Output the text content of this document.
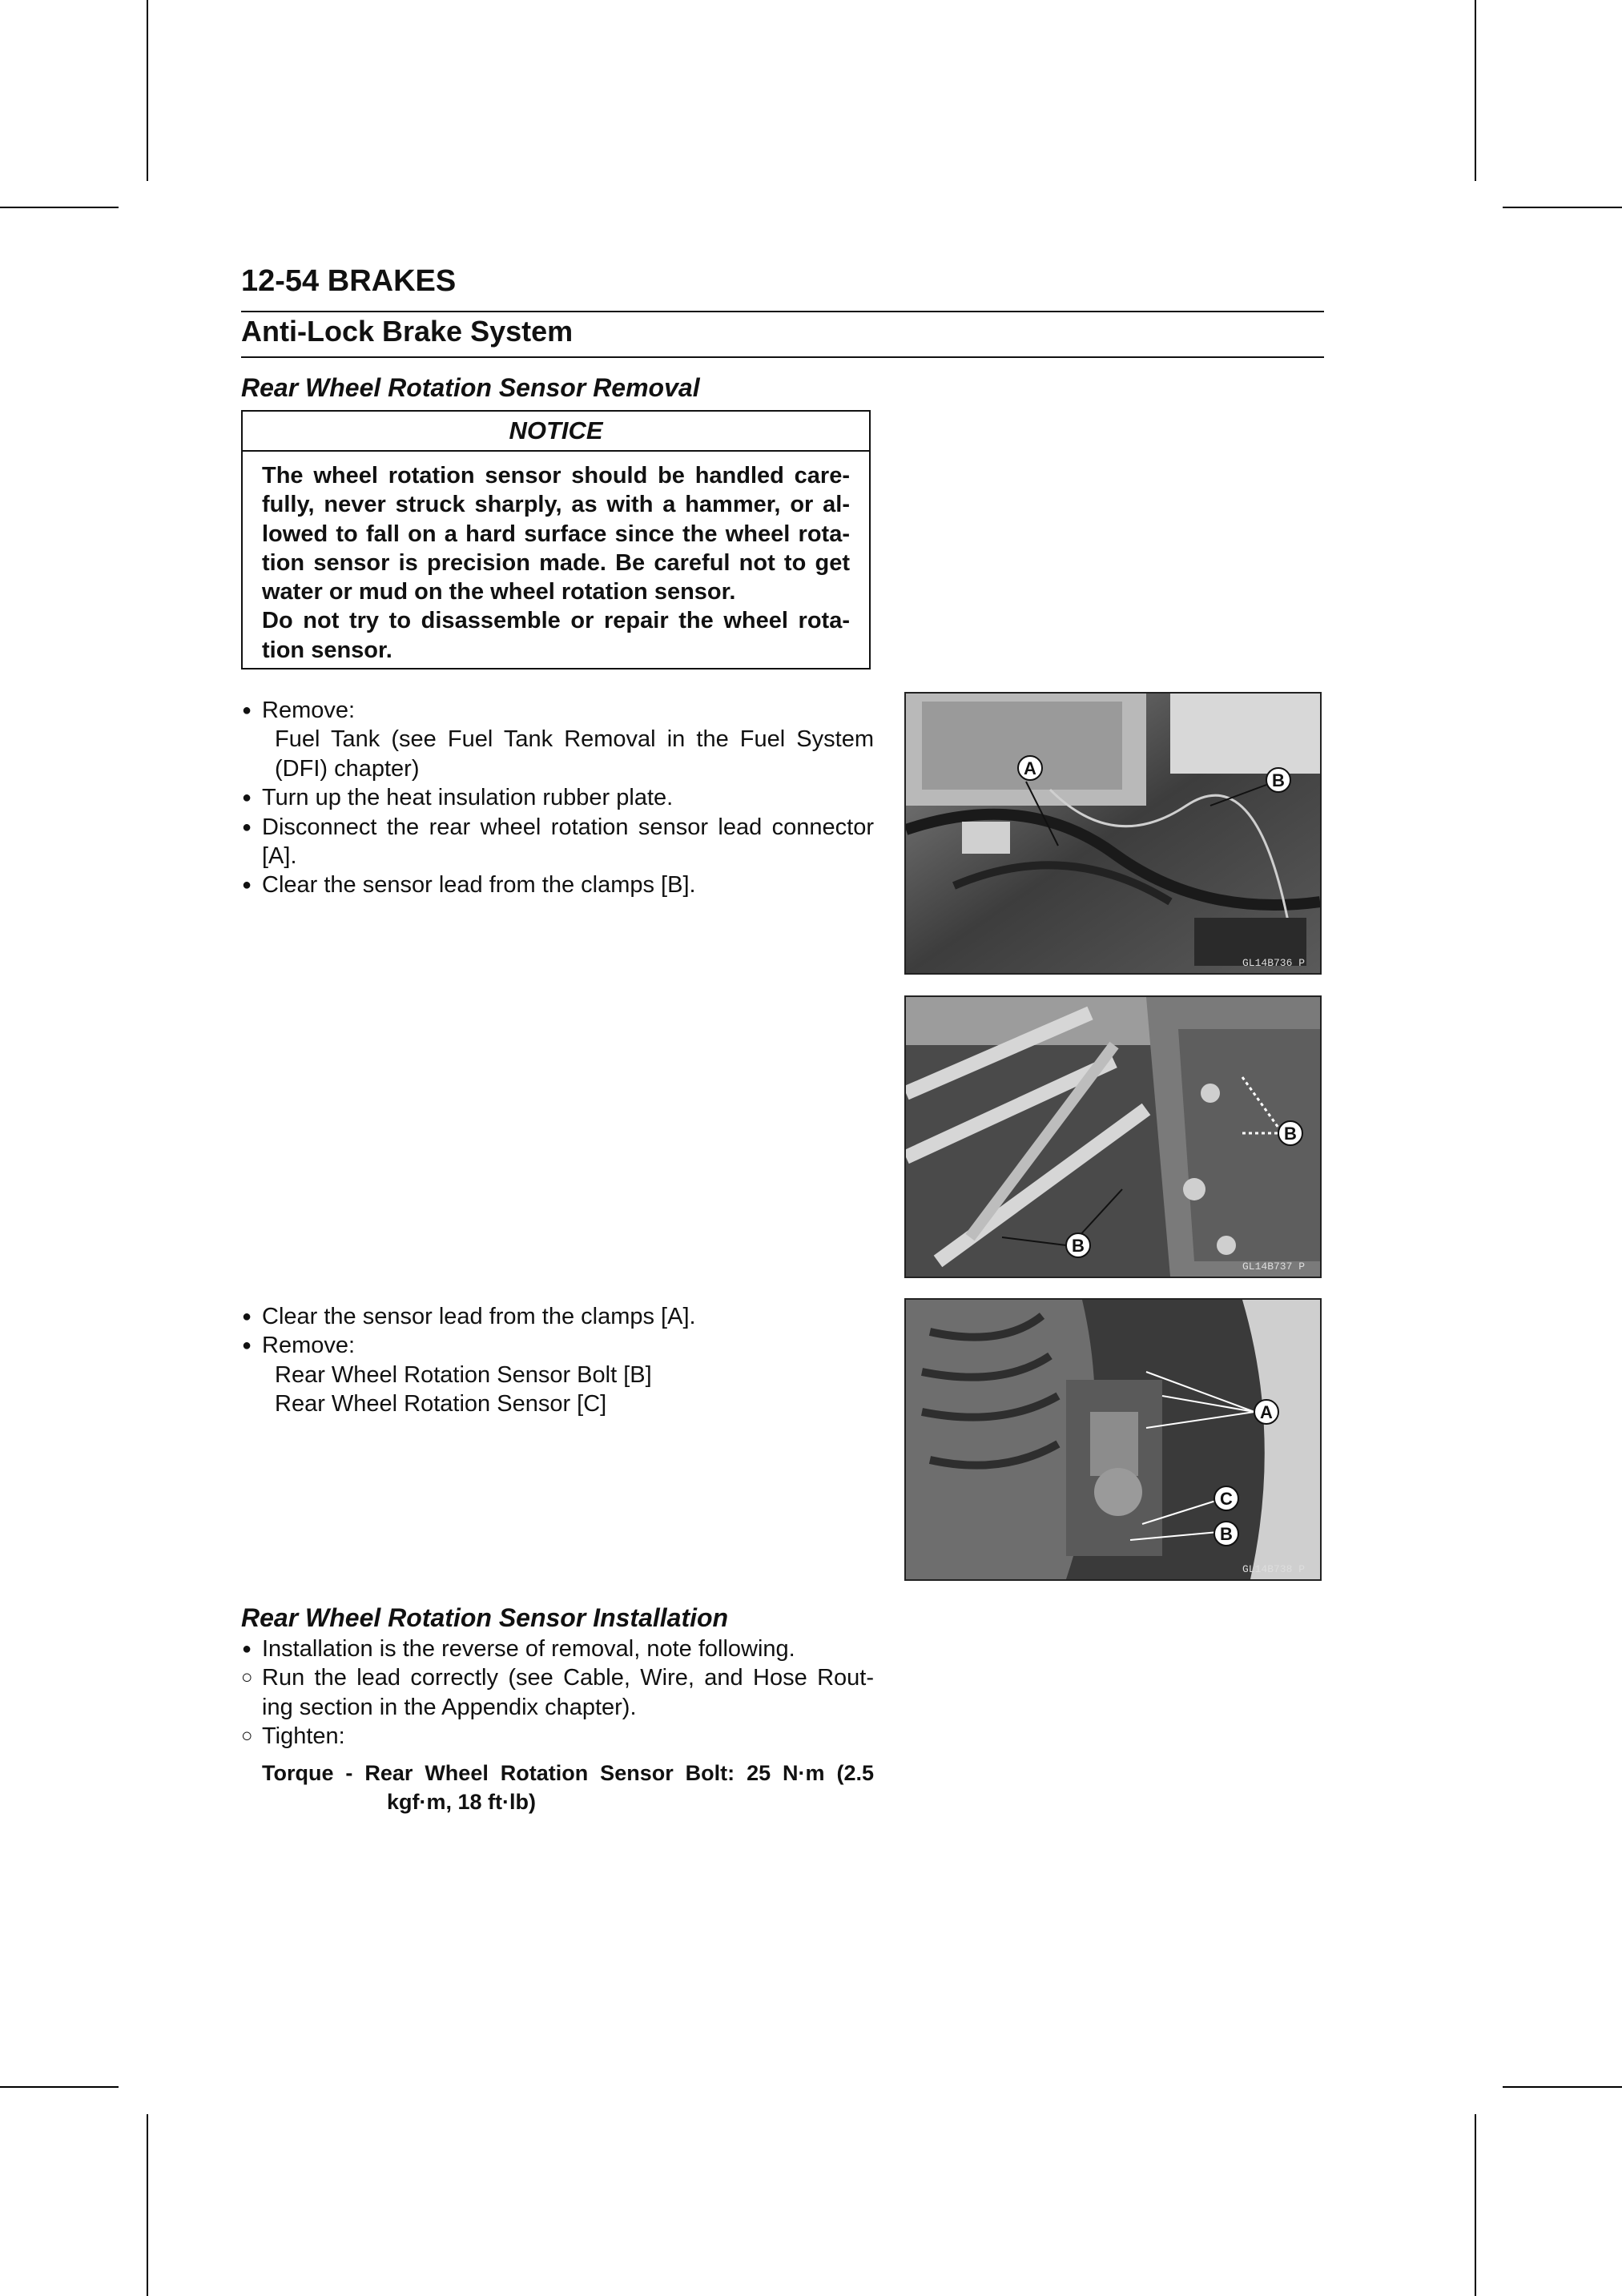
12-54 BRAKES
Anti-Lock Brake System
Rear Wheel Rotation Sensor Removal
NOTICE
The wheel rotation sensor should be handled care-
fully, never struck sharply, as with a hammer, or al-
lowed to fall on a hard surface since the wheel rota-
tion sensor is precision made. Be careful not to get
water or mud on the wheel rotation sensor.
Do not try to disassemble or repair the wheel rota-
tion sensor.
● Remove:
Fuel Tank (see Fuel Tank Removal in the Fuel System
(DFI) chapter)
● Turn up the heat insulation rubber plate.
● Disconnect the rear wheel rotation sensor lead connector
[A].
● Clear the sensor lead from the clamps [B].
A
B
GL14B736 P
B
B
GL14B737 P
● Clear the sensor lead from the clamps [A].
● Remove:
Rear Wheel Rotation Sensor Bolt [B]
Rear Wheel Rotation Sensor [C]	A
C
B
GL14B738 P
Rear Wheel Rotation Sensor Installation
● Installation is the reverse of removal, note following.
○ Run the lead correctly (see Cable, Wire, and Hose Rout-
ing section in the Appendix chapter).
○ Tighten:
Torque - Rear Wheel Rotation Sensor Bolt: 25 N·m (2.5
kgf·m, 18 ft·lb)
